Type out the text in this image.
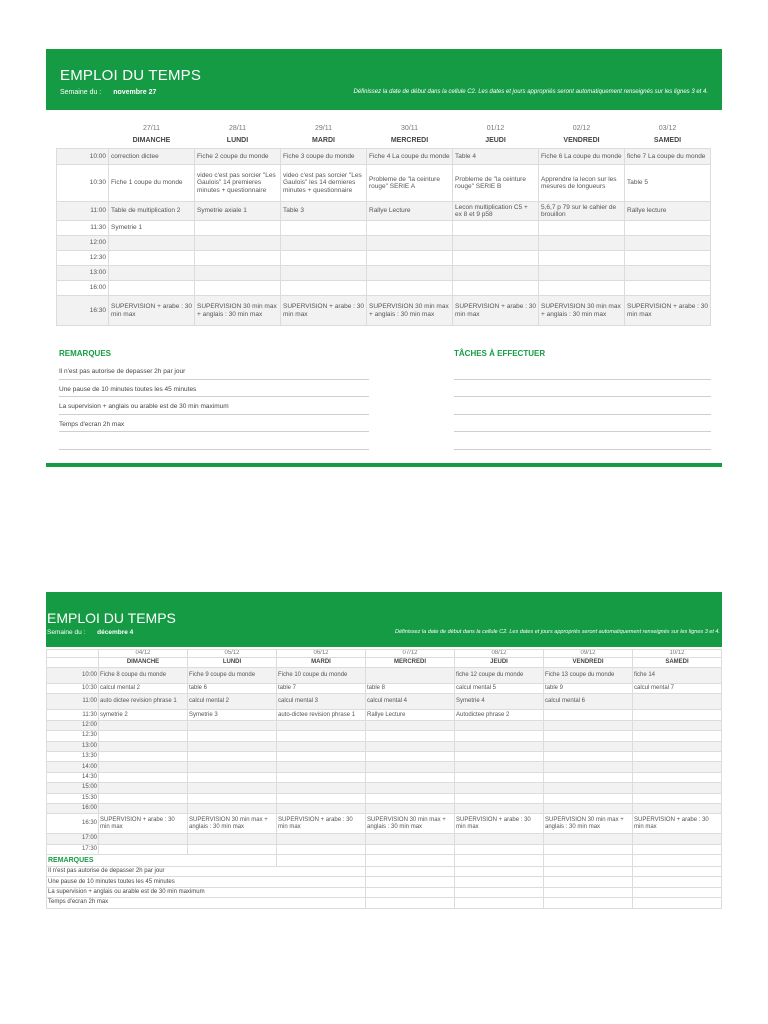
EMPLOI DU TEMPS
Semaine du : novembre 27	Définissez la date de début dans la cellule C2. Les dates et jours appropriés seront automatiquement renseignés sur les lignes 3 et 4.
	27/11	28/11	29/11	30/11	01/12	02/12	03/12
	DIMANCHE	LUNDI	MARDI	MERCREDI	JEUDI	VENDREDI	SAMEDI
10:00	correction dictee	Fiche 2 coupe du monde	Fiche 3 coupe du monde	Fiche 4 La coupe du monde	Table 4	Fiche 6 La coupe du monde	fiche 7 La coupe du monde
10:30	Fiche 1 coupe du monde	video c'est pas sorcier "Les Gaulois" 14 premieres minutes + questionnaire	video c'est pas sorcier "Les Gaulois" les 14 dernieres minutes + questionnaire	Probleme de "la ceinture rouge" SERIE A	Probleme de "la ceinture rouge" SERIE B	Apprendre la lecon sur les mesures de longueurs	Table 5
11:00	Table de multiplication 2	Symetrie axiale 1	Table 3	Rallye Lecture	Lecon multiplication C5 + ex 8 et 9 p58	5,6,7 p 79 sur le cahier de brouillon	Rallye lecture
11:30	Symetrie 1						
12:00							
12:30							
13:00							
16:00							
16:30	SUPERVISION + arabe : 30 min max	SUPERVISION 30 min max + anglais : 30 min max	SUPERVISION + arabe : 30 min max	SUPERVISION 30 min max + anglais : 30 min max	SUPERVISION + arabe : 30 min max	SUPERVISION 30 min max + anglais : 30 min max	SUPERVISION + arabe : 30 min max
REMARQUES
Il n'est pas autorise de depasser 2h par jour
Une pause de 10 minutes toutes les 45 minutes
La supervision + anglais ou arable est de 30 min maximum
Temps d'ecran 2h max
TÂCHES À EFFECTUER
EMPLOI DU TEMPS
Semaine du : décembre 4	Définissez la date de début dans la cellule C2. Les dates et jours appropriés seront automatiquement renseignés sur les lignes 3 et 4.
	04/12	05/12	06/12	07/12	08/12	09/12	10/12
	DIMANCHE	LUNDI	MARDI	MERCREDI	JEUDI	VENDREDI	SAMEDI
10:00	Fiche 8 coupe du monde	Fiche 9 coupe du monde	Fiche 10 coupe du monde		fiche 12 coupe du monde	Fiche 13 coupe du monde	fiche 14
10:30	calcul mental 2	table 6	table 7	table 8	calcul mental 5	table 9	calcul mental 7
11:00	auto dictee revision phrase 1	calcul mental 2	calcul mental 3	calcul mental 4	Symetrie 4	calcul mental 6	
11:30	symetrie 2	Symetrie 3	auto-dictee revision phrase 1	Rallye Lecture	Autodictee phrase 2		
12:00							
12:30							
13:00							
13:30							
14:00							
14:30							
15:00							
15:30							
16:00							
16:30	SUPERVISION + arabe : 30 min max	SUPERVISION 30 min max + anglais : 30 min max	SUPERVISION + arabe : 30 min max	SUPERVISION 30 min max + anglais : 30 min max	SUPERVISION + arabe : 30 min max	SUPERVISION 30 min max + anglais : 30 min max	SUPERVISION + arabe : 30 min max
17:00							
17:30							
REMARQUES							
Il n'est pas autorise de depasser 2h par jour							
Une pause de 10 minutes toutes les 45 minutes							
La supervision + anglais ou arable est de 30 min maximum							
Temps d'ecran 2h max							
